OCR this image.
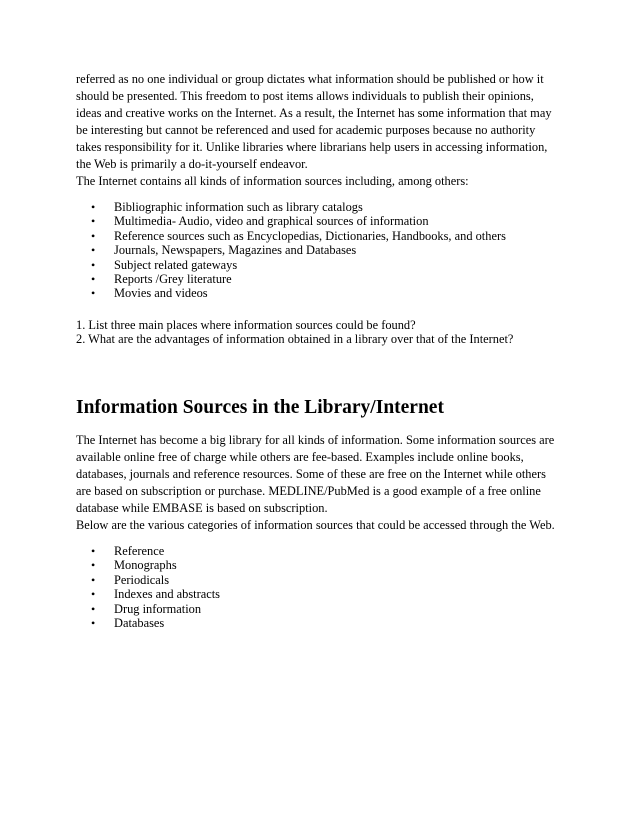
referred as no one individual or group dictates what information should be published or how it
should be presented. This freedom to post items allows individuals to publish their opinions,
ideas and creative works on the Internet. As a result, the Internet has some information that may
be interesting but cannot be referenced and used for academic purposes because no authority
takes responsibility for it. Unlike libraries where librarians help users in accessing information,
the Web is primarily a do-it-yourself endeavor.
The Internet contains all kinds of information sources including, among others:

• Bibliographic information such as library catalogs
• Multimedia- Audio, video and graphical sources of information
• Reference sources such as Encyclopedias, Dictionaries, Handbooks, and others
• Journals, Newspapers, Magazines and Databases
• Subject related gateways
• Reports /Grey literature
• Movies and videos
1. List three main places where information sources could be found?
2. What are the advantages of information obtained in a library over that of the Internet?
Information Sources in the Library/Internet

The Internet has become a big library for all kinds of information. Some information sources are
available online free of charge while others are fee-based. Examples include online books,
databases, journals and reference resources. Some of these are free on the Internet while others
are based on subscription or purchase. MEDLINE/PubMed is a good example of a free online
database while EMBASE is based on subscription.
Below are the various categories of information sources that could be accessed through the Web.

• Reference
• Monographs
• Periodicals
• Indexes and abstracts
• Drug information
• Databases
